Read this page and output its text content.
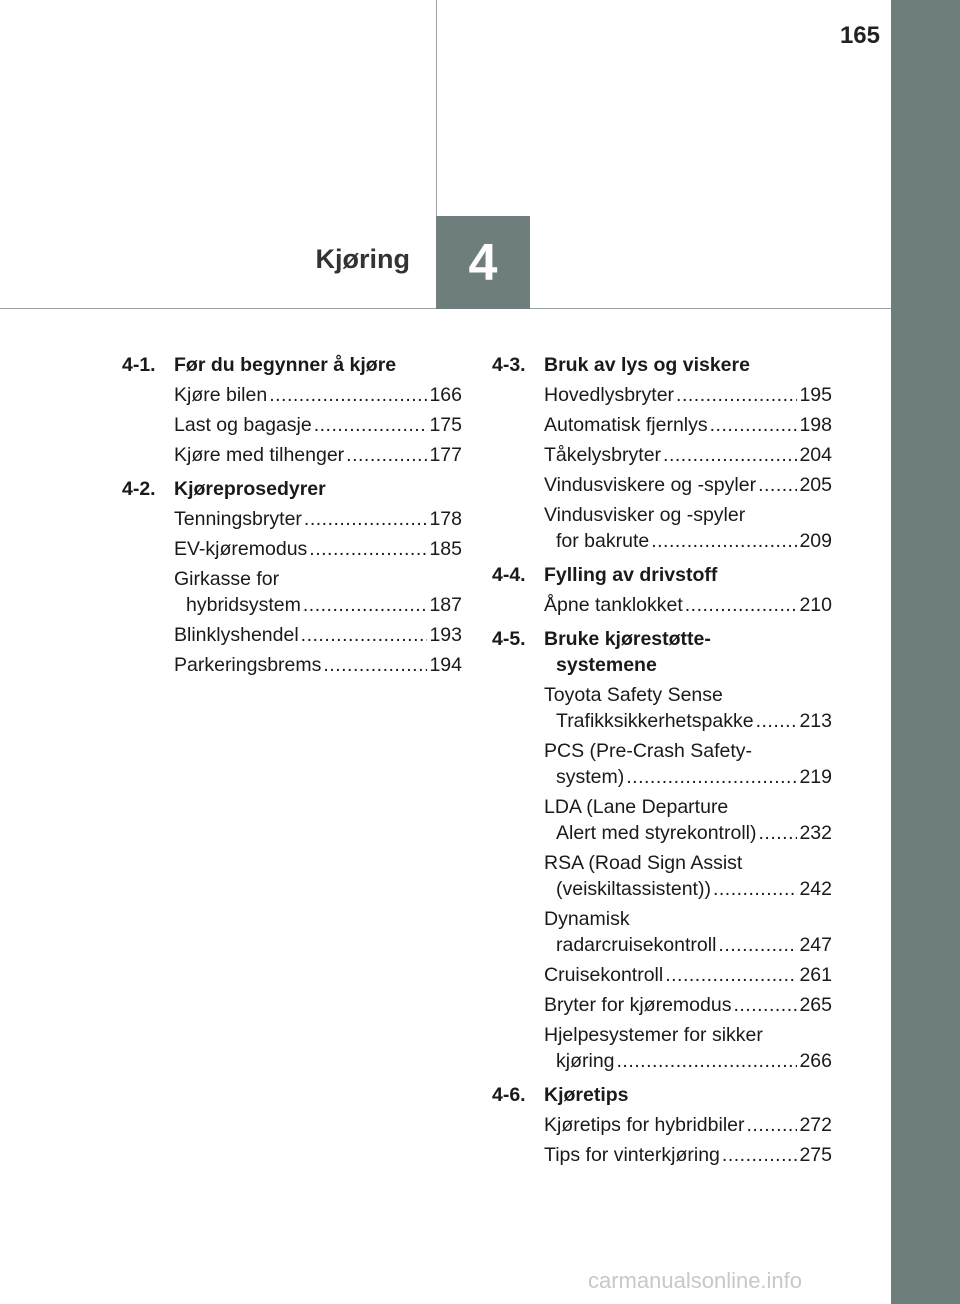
165
Kjøring 4
4-1. Før du begynner å kjøre
Kjøre bilen .....	166
Last og bagasje .....	175
Kjøre med tilhenger .....	177
4-2. Kjøreprosedyrer
Tenningsbryter .....	178
EV-kjøremodus .....	185
Girkasse for
hybridsystem .....	187
Blinklyshendel .....	193
Parkeringsbrems .....	194
4-3. Bruk av lys og viskere
Hovedlysbryter .....	195
Automatisk fjernlys .....	198
Tåkelysbryter .....	204
Vindusviskere og -spyler ..... 205
Vindusvisker og -spyler
for bakrute .....	209
4-4. Fylling av drivstoff
Åpne tanklokket .....	210
4-5. Bruke kjørestøtte-
systemene
Toyota Safety Sense
Trafikksikkerhetspakke ..... 213
PCS (Pre-Crash Safety-
system) .....	219
LDA (Lane Departure
Alert med styrekontroll) ..... 232
RSA (Road Sign Assist
(veiskiltassistent)) .....	242
Dynamisk
radarcruisekontroll .....	247
Cruisekontroll .....	261
Bryter for kjøremodus .....	265
Hjelpesystemer for sikker
kjøring .....	266
4-6. Kjøretips
Kjøretips for hybridbiler .....	272
Tips for vinterkjøring .....	275
carmanualsonline.info
